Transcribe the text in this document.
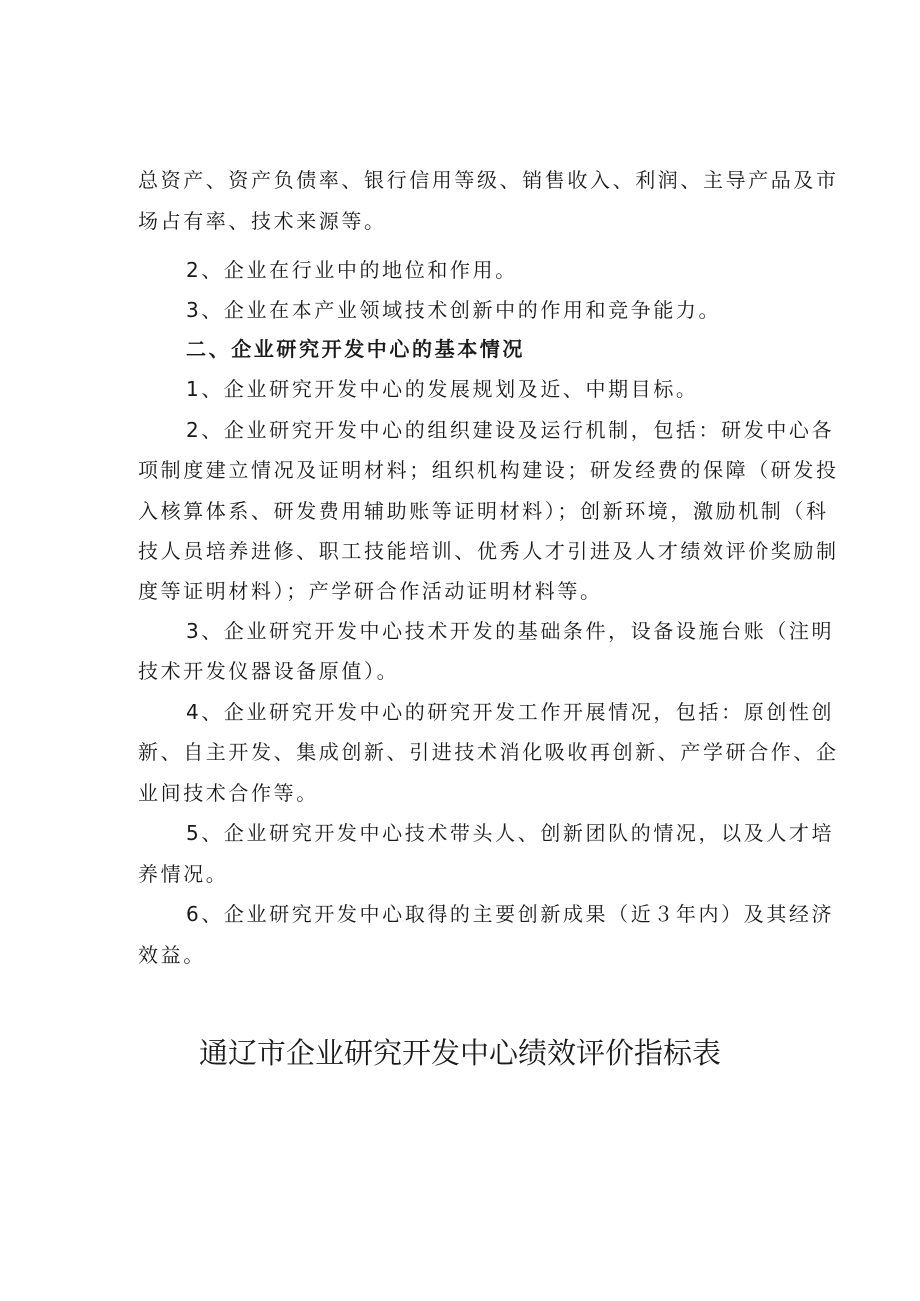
总资产、资产负债率、银行信用等级、销售收入、利润、主导产品及市
场占有率、技术来源等。
2、企业在行业中的地位和作用。
3、企业在本产业领域技术创新中的作用和竞争能力。
二、企业研究开发中心的基本情况
1、企业研究开发中心的发展规划及近、中期目标。
2、企业研究开发中心的组织建设及运行机制，包括：研发中心各
项制度建立情况及证明材料；组织机构建设；研发经费的保障（研发投
入核算体系、研发费用辅助账等证明材料）；创新环境，激励机制（科
技人员培养进修、职工技能培训、优秀人才引进及人才绩效评价奖励制
度等证明材料）；产学研合作活动证明材料等。
3、企业研究开发中心技术开发的基础条件，设备设施台账（注明
技术开发仪器设备原值）。
4、企业研究开发中心的研究开发工作开展情况，包括：原创性创
新、自主开发、集成创新、引进技术消化吸收再创新、产学研合作、企
业间技术合作等。
5、企业研究开发中心技术带头人、创新团队的情况，以及人才培
养情况。
6、企业研究开发中心取得的主要创新成果（近３年内）及其经济
效益。
通辽市企业研究开发中心绩效评价指标表
